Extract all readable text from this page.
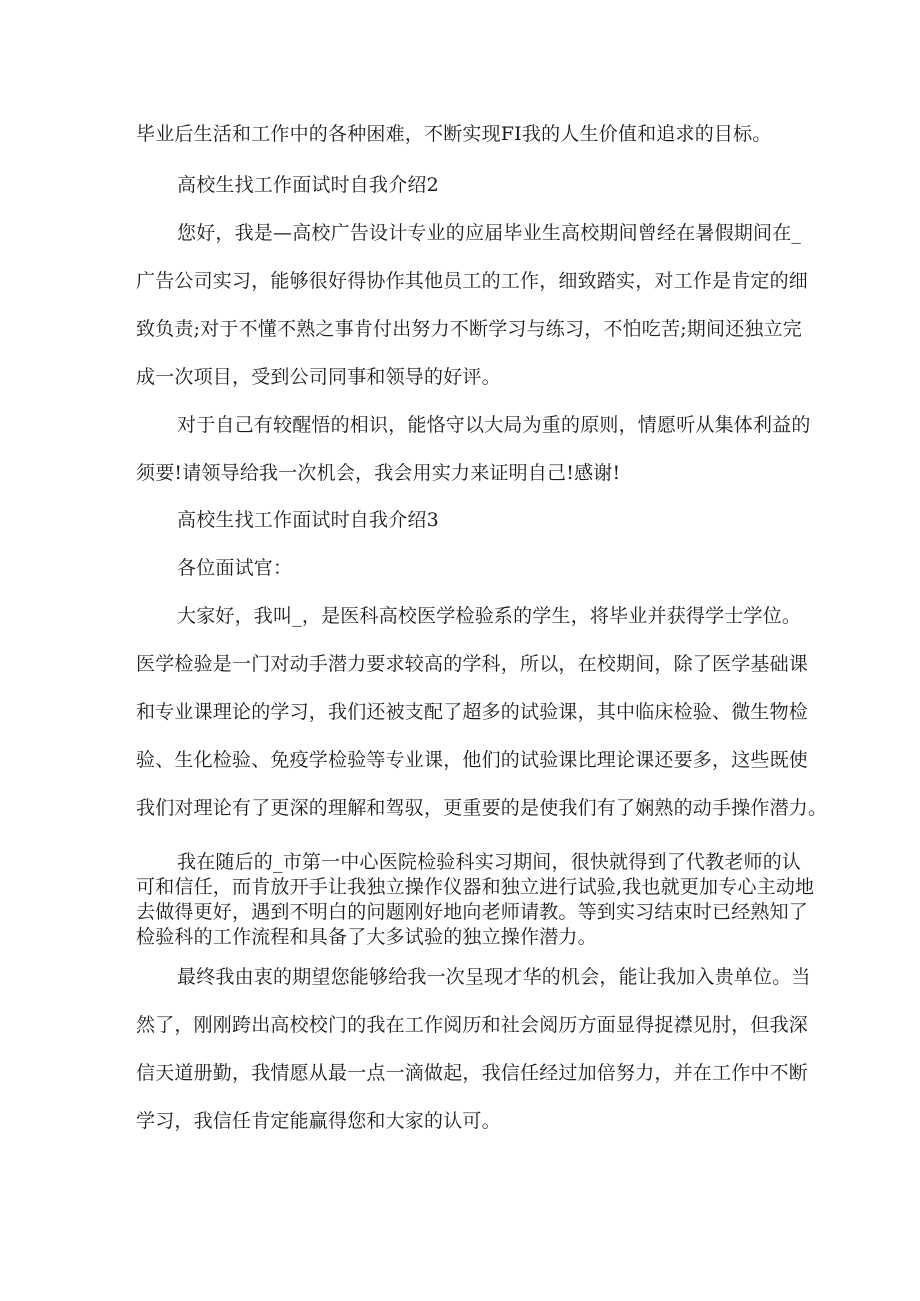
毕业后生活和工作中的各种困难，不断实现FI我的人生价值和追求的目标。
高校生找工作面试时自我介绍2
您好，我是—高校广告设计专业的应届毕业生高校期间曾经在暑假期间在_
广告公司实习，能够很好得协作其他员工的工作，细致踏实，对工作是肯定的细
致负责;对于不懂不熟之事肯付出努力不断学习与练习，不怕吃苦;期间还独立完
成一次项目，受到公司同事和领导的好评。
对于自己有较醒悟的相识，能恪守以大局为重的原则，情愿听从集体利益的
须要!请领导给我一次机会，我会用实力来证明自己!感谢!
高校生找工作面试时自我介绍3
各位面试官：
大家好，我叫_，是医科高校医学检验系的学生，将毕业并获得学士学位。
医学检验是一门对动手潜力要求较高的学科，所以，在校期间，除了医学基础课
和专业课理论的学习，我们还被支配了超多的试验课，其中临床检验、微生物检
验、生化检验、免疫学检验等专业课，他们的试验课比理论课还要多，这些既使
我们对理论有了更深的理解和驾驭，更重要的是使我们有了娴熟的动手操作潜力。
我在随后的_市第一中心医院检验科实习期间，很快就得到了代教老师的认
可和信任，而肯放开手让我独立操作仪器和独立进行试验,我也就更加专心主动地
去做得更好，遇到不明白的问题刚好地向老师请教。等到实习结束时已经熟知了
检验科的工作流程和具备了大多试验的独立操作潜力。
最终我由衷的期望您能够给我一次呈现才华的机会，能让我加入贵单位。当
然了，刚刚跨出高校校门的我在工作阅历和社会阅历方面显得捉襟见肘，但我深
信天道册勤，我情愿从最一点一滴做起，我信任经过加倍努力，并在工作中不断
学习，我信任肯定能赢得您和大家的认可。
